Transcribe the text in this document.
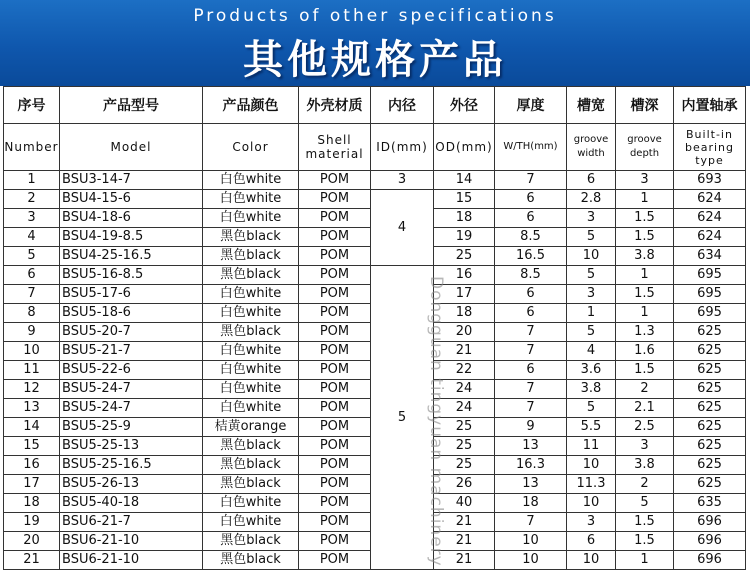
Products of other specifications
其他规格产品
序号	产品型号	产品颜色	外壳材质	内径	外径	厚度	槽宽	槽深	内置轴承
Number	Model	Color	Shell material	ID(mm)	OD(mm)	W/TH(mm)	groove width	groove depth	Built-in bearing type
1	BSU3-14-7	白色white	POM	3	14	7	6	3	693
2	BSU4-15-6	白色white	POM	4	15	6	2.8	1	624
3	BSU4-18-6	白色white	POM		18	6	3	1.5	624
4	BSU4-19-8.5	黑色black	POM		19	8.5	5	1.5	624
5	BSU4-25-16.5	黑色black	POM		25	16.5	10	3.8	634
6	BSU5-16-8.5	黑色black	POM	5	16	8.5	5	1	695
7	BSU5-17-6	白色white	POM		17	6	3	1.5	695
8	BSU5-18-6	白色white	POM		18	6	1	1	695
9	BSU5-20-7	黑色black	POM		20	7	5	1.3	625
10	BSU5-21-7	白色white	POM		21	7	4	1.6	625
11	BSU5-22-6	白色white	POM		22	6	3.6	1.5	625
12	BSU5-24-7	白色white	POM		24	7	3.8	2	625
13	BSU5-24-7	白色white	POM		24	7	5	2.1	625
14	BSU5-25-9	桔黄orange	POM		25	9	5.5	2.5	625
15	BSU5-25-13	黑色black	POM		25	13	11	3	625
16	BSU5-25-16.5	黑色black	POM		25	16.3	10	3.8	625
17	BSU5-26-13	黑色black	POM		26	13	11.3	2	625
18	BSU5-40-18	白色white	POM		40	18	10	5	635
19	BSU6-21-7	白色white	POM		21	7	3	1.5	696
20	BSU6-21-10	黑色black	POM		21	10	6	1.5	696
21	BSU6-21-10	黑色black	POM		21	10	10	1	696
Dongguan tingyuan machinery
